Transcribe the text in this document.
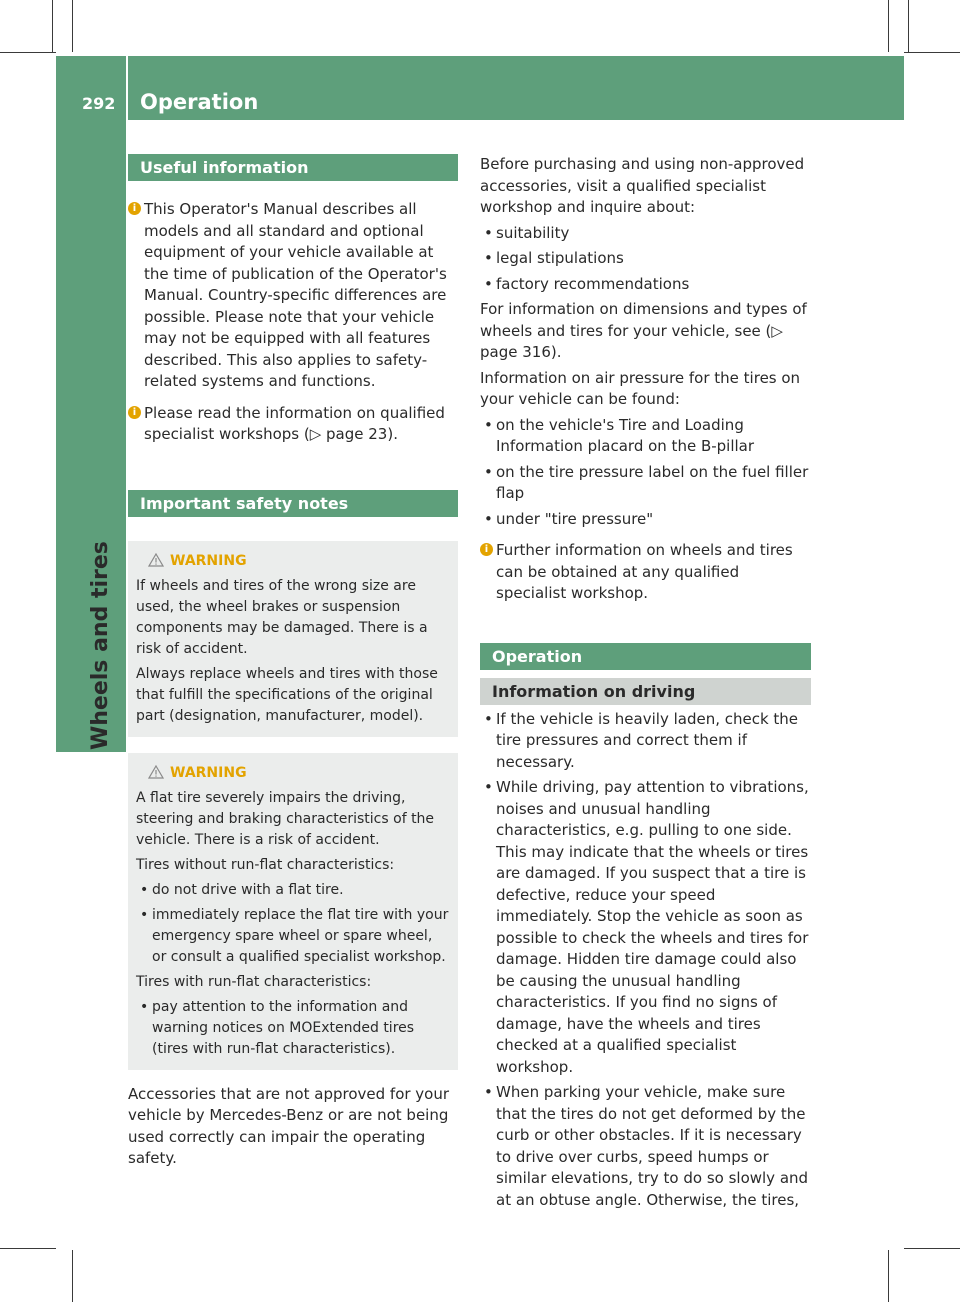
292 Operation
Wheels and tires
Useful information
i This Operator's Manual describes all models and all standard and optional equipment of your vehicle available at the time of publication of the Operator's Manual. Country-specific differences are possible. Please note that your vehicle may not be equipped with all features described. This also applies to safety-related systems and functions.

i Please read the information on qualified specialist workshops (▷ page 23).

Important safety notes
WARNING

If wheels and tires of the wrong size are used, the wheel brakes or suspension components may be damaged. There is a risk of accident.

Always replace wheels and tires with those that fulfill the specifications of the original part (designation, manufacturer, model).

WARNING

A flat tire severely impairs the driving, steering and braking characteristics of the vehicle. There is a risk of accident.

Tires without run-flat characteristics:

• do not drive with a flat tire.
• immediately replace the flat tire with your emergency spare wheel or spare wheel, or consult a qualified specialist workshop.

Tires with run-flat characteristics:

• pay attention to the information and warning notices on MOExtended tires (tires with run-flat characteristics).

Accessories that are not approved for your vehicle by Mercedes-Benz or are not being used correctly can impair the operating safety.

Before purchasing and using non-approved accessories, visit a qualified specialist workshop and inquire about:

• suitability
• legal stipulations
• factory recommendations

For information on dimensions and types of wheels and tires for your vehicle, see (▷ page 316).

Information on air pressure for the tires on your vehicle can be found:

• on the vehicle's Tire and Loading Information placard on the B-pillar
• on the tire pressure label on the fuel filler flap
• under "tire pressure"
i Further information on wheels and tires can be obtained at any qualified specialist workshop.

Operation
Information on driving
• If the vehicle is heavily laden, check the tire pressures and correct them if necessary.
• While driving, pay attention to vibrations, noises and unusual handling characteristics, e.g. pulling to one side. This may indicate that the wheels or tires are damaged. If you suspect that a tire is defective, reduce your speed immediately. Stop the vehicle as soon as possible to check the wheels and tires for damage. Hidden tire damage could also be causing the unusual handling characteristics. If you find no signs of damage, have the wheels and tires checked at a qualified specialist workshop.
• When parking your vehicle, make sure that the tires do not get deformed by the curb or other obstacles. If it is necessary to drive over curbs, speed humps or similar elevations, try to do so slowly and at an obtuse angle. Otherwise, the tires,
